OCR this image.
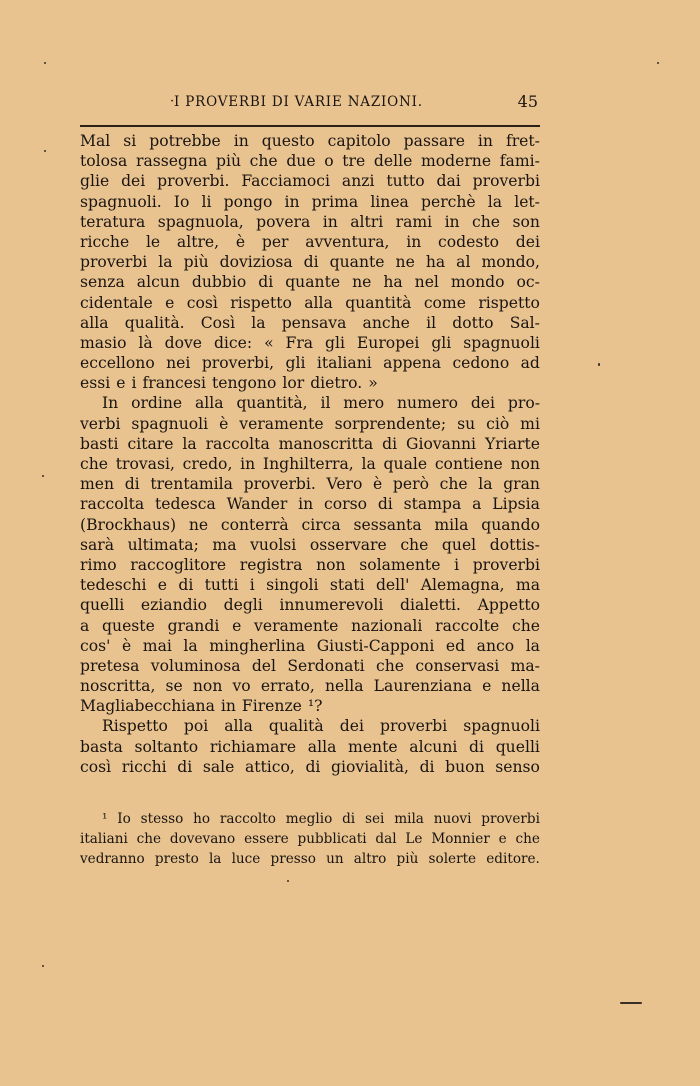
· I PROVERBI DI VARIE NAZIONI.	45
Mal si potrebbe in questo capitolo passare in fret-
tolosa rassegna più che due o tre delle moderne fami-
glie dei proverbi. Facciamoci anzi tutto dai proverbi
spagnuoli. Io li pongo in prima linea perchè la let-
teratura spagnuola, povera in altri rami in che son
ricche le altre, è per avventura, in codesto dei
proverbi la più doviziosa di quante ne ha al mondo,
senza alcun dubbio di quante ne ha nel mondo oc-
cidentale e così rispetto alla quantità come rispetto
alla qualità. Così la pensava anche il dotto Sal-
masio là dove dice: « Fra gli Europei gli spagnuoli
eccellono nei proverbi, gli italiani appena cedono ad
essi e i francesi tengono lor dietro. »
In ordine alla quantità, il mero numero dei pro-
verbi spagnuoli è veramente sorprendente; su ciò mi
basti citare la raccolta manoscritta di Giovanni Yriarte
che trovasi, credo, in Inghilterra, la quale contiene non
men di trentamila proverbi. Vero è però che la gran
raccolta tedesca Wander in corso di stampa a Lipsia
(Brockhaus) ne conterrà circa sessanta mila quando
sarà ultimata; ma vuolsi osservare che quel dottis-
rimo raccoglitore registra non solamente i proverbi
tedeschi e di tutti i singoli stati dell' Alemagna, ma
quelli eziandio degli innumerevoli dialetti. Appetto
a queste grandi e veramente nazionali raccolte che
cos' è mai la mingherlina Giusti-Capponi ed anco la
pretesa voluminosa del Serdonati che conservasi ma-
noscritta, se non vo errato, nella Laurenziana e nella
Magliabecchiana in Firenze ¹?
Rispetto poi alla qualità dei proverbi spagnuoli
basta soltanto richiamare alla mente alcuni di quelli
così ricchi di sale attico, di giovialità, di buon senso
¹ Io stesso ho raccolto meglio di sei mila nuovi proverbi
italiani che dovevano essere pubblicati dal Le Monnier e che
vedranno presto la luce presso un altro più solerte editore.
